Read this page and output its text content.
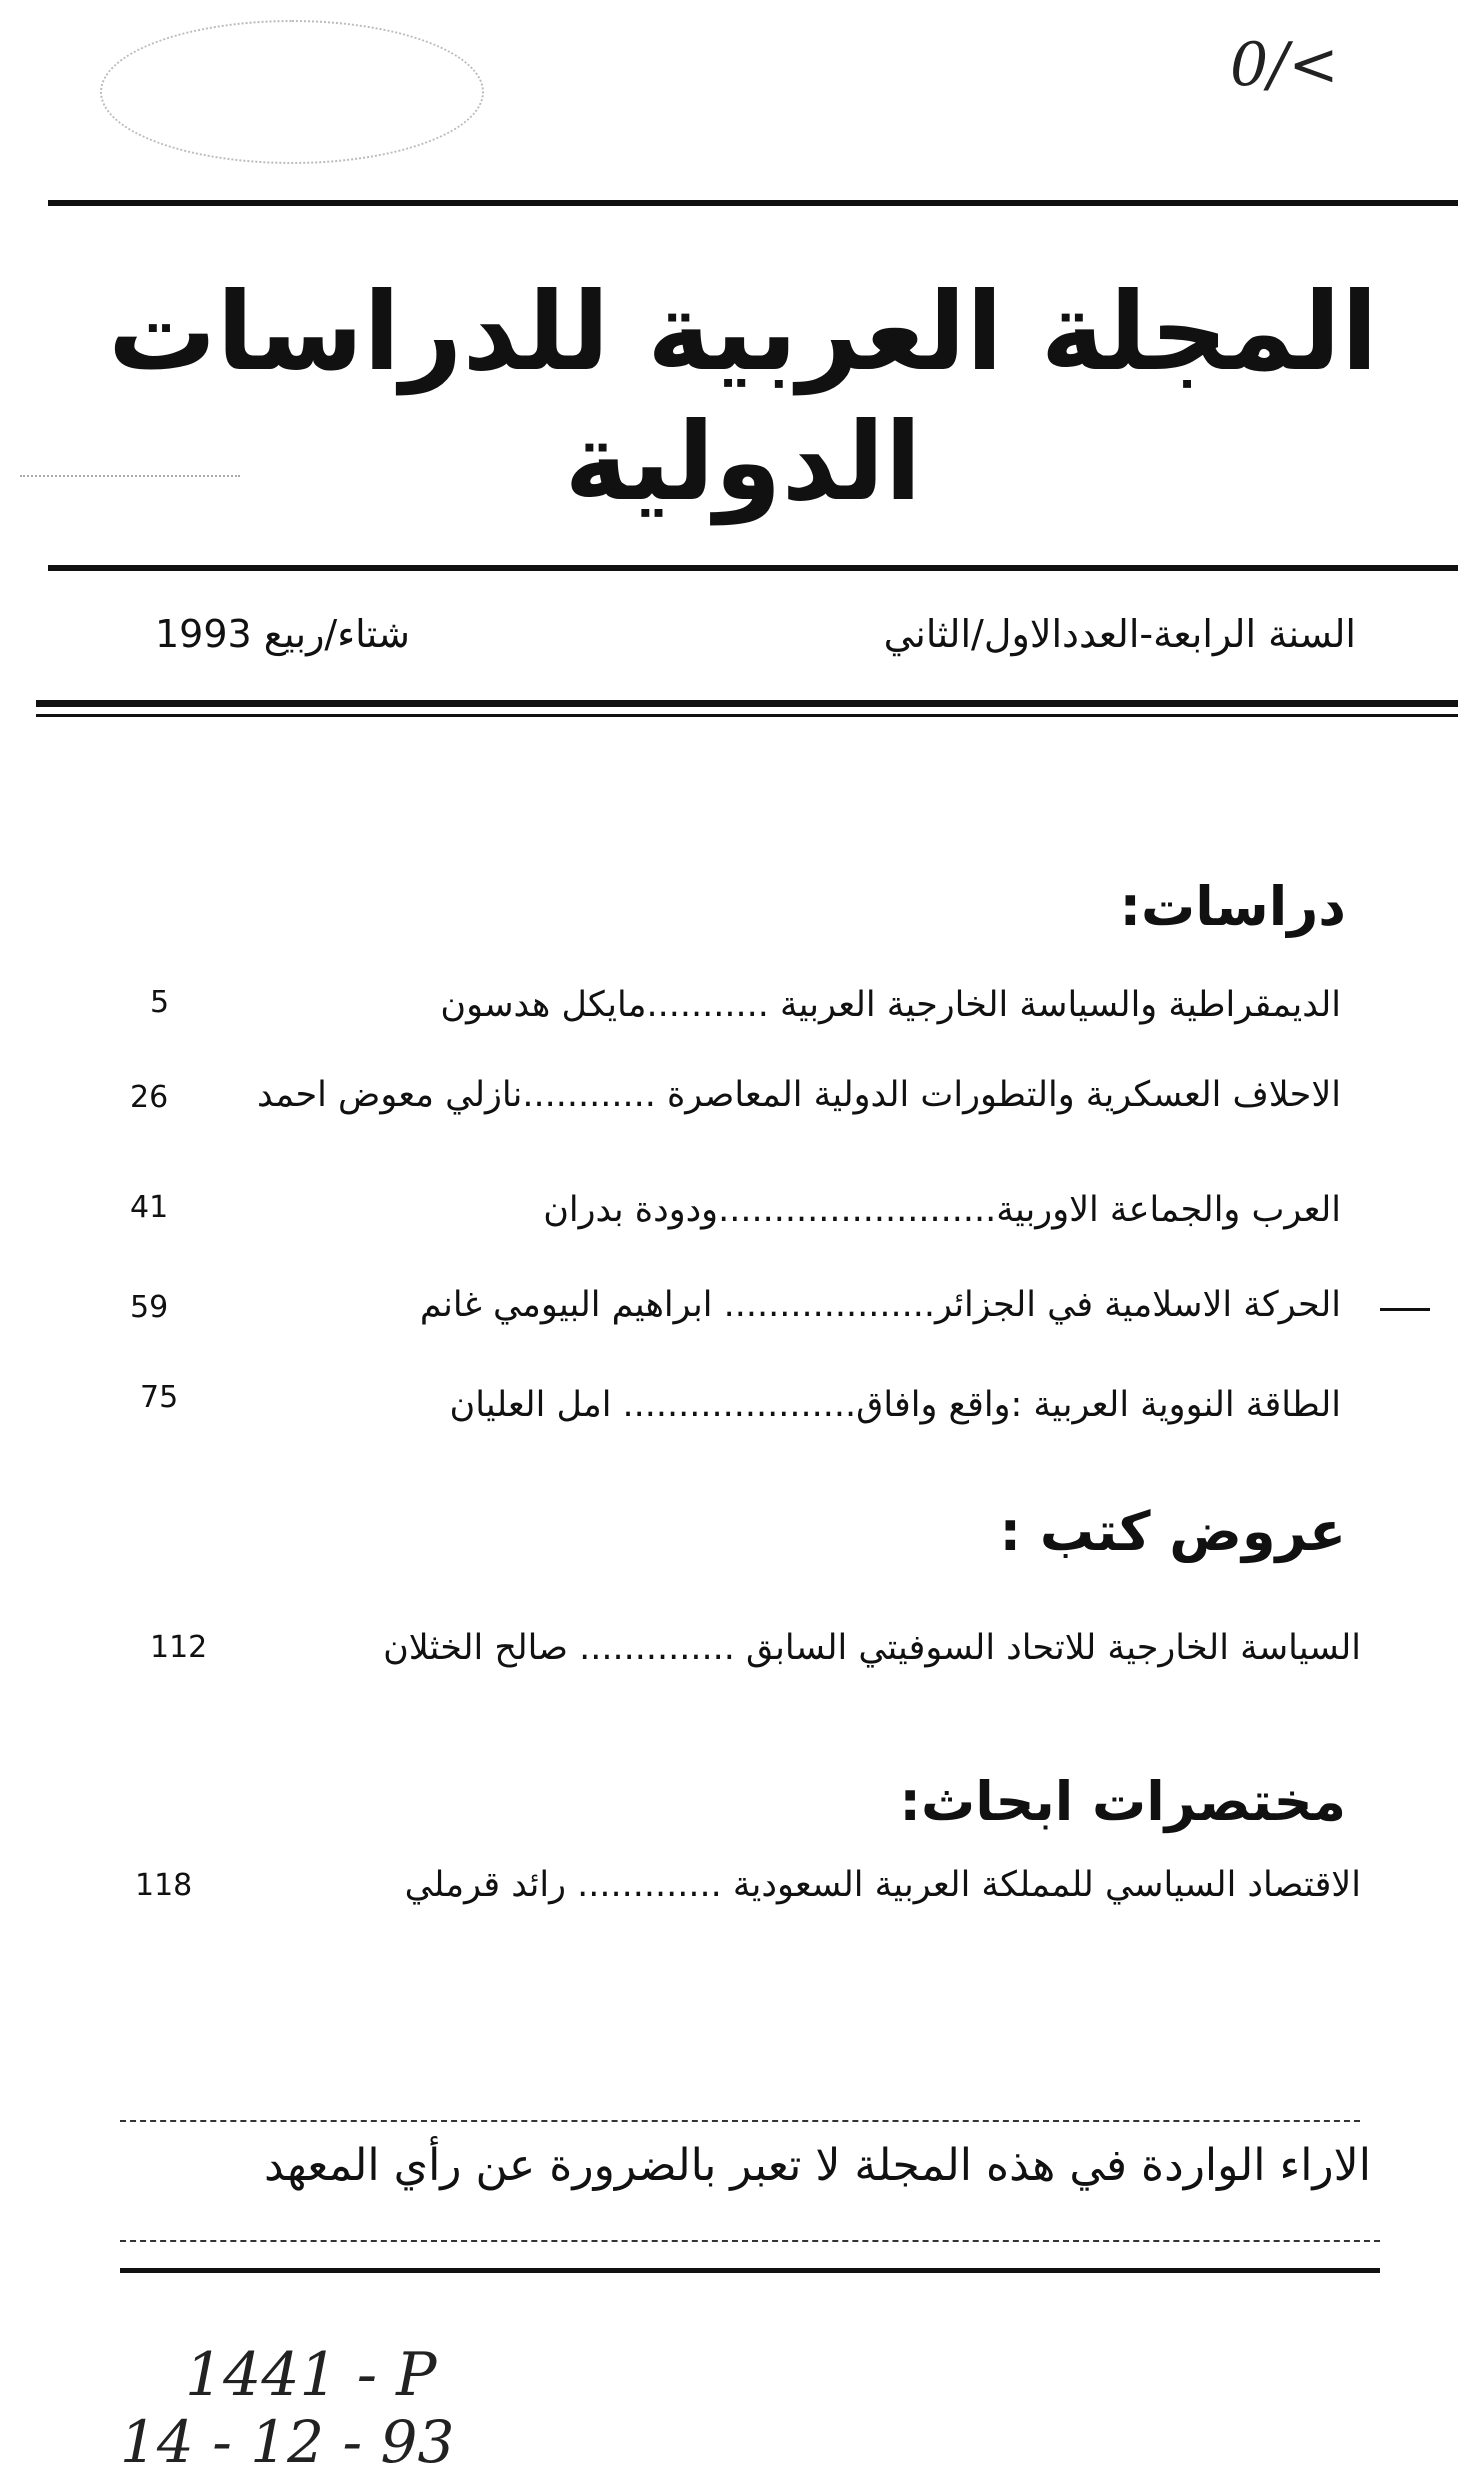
0/<
المجلة العربية للدراسات الدولية
السنة الرابعة-العددالاول/الثاني
شتاء/ربيع 1993
دراسات:
الديمقراطية والسياسة الخارجية العربية ...........مايكل هدسون
5
الاحلاف العسكرية والتطورات الدولية المعاصرة ............نازلي معوض احمد
26
العرب والجماعة الاوربية.........................ودودة بدران
41
الحركة الاسلامية في الجزائر................... ابراهيم البيومي غانم
59
الطاقة النووية العربية :واقع وافاق..................... امل العليان
75
عروض كتب :
السياسة الخارجية للاتحاد السوفيتي السابق .............. صالح الخثلان
112
مختصرات ابحاث:
الاقتصاد السياسي للمملكة العربية السعودية ............. رائد قرملي
118
الاراء الواردة في هذه المجلة لا تعبر بالضرورة عن رأي المعهد
1441 - P
14 - 12 - 93
